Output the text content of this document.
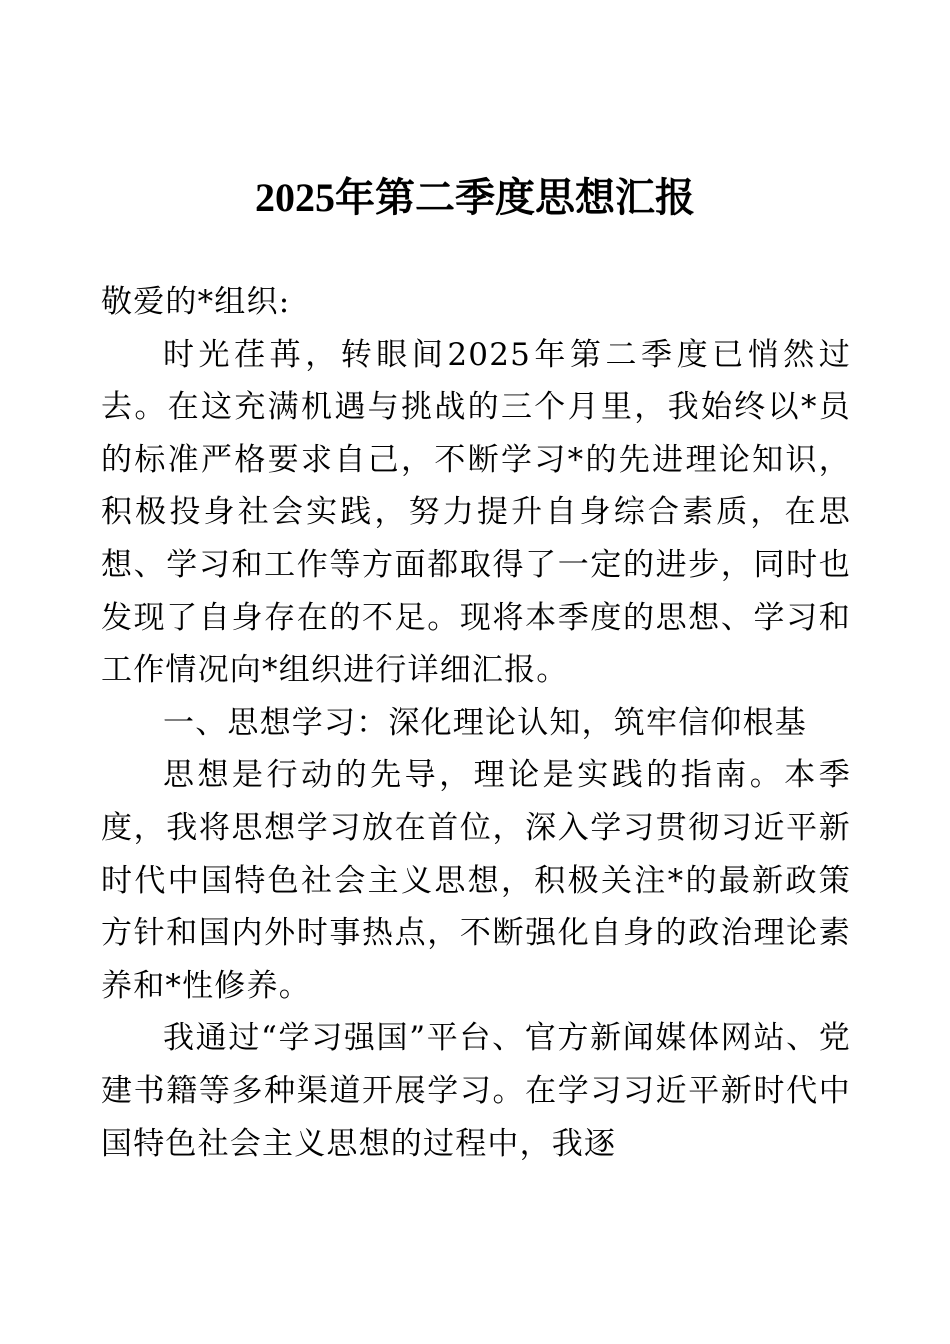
2025年第二季度思想汇报

敬爱的*组织:

时光荏苒，转眼间2025年第二季度已悄然过去。在这充满机遇与挑战的三个月里，我始终以*员的标准严格要求自己，不断学习*的先进理论知识，积极投身社会实践，努力提升自身综合素质，在思想、学习和工作等方面都取得了一定的进步，同时也发现了自身存在的不足。现将本季度的思想、学习和工作情况向*组织进行详细汇报。

一、思想学习：深化理论认知，筑牢信仰根基

思想是行动的先导，理论是实践的指南。本季度，我将思想学习放在首位，深入学习贯彻习近平新时代中国特色社会主义思想，积极关注*的最新政策方针和国内外时事热点，不断强化自身的政治理论素养和*性修养。

我通过“学习强国”平台、官方新闻媒体网站、党建书籍等多种渠道开展学习。在学习习近平新时代中国特色社会主义思想的过程中，我逐
